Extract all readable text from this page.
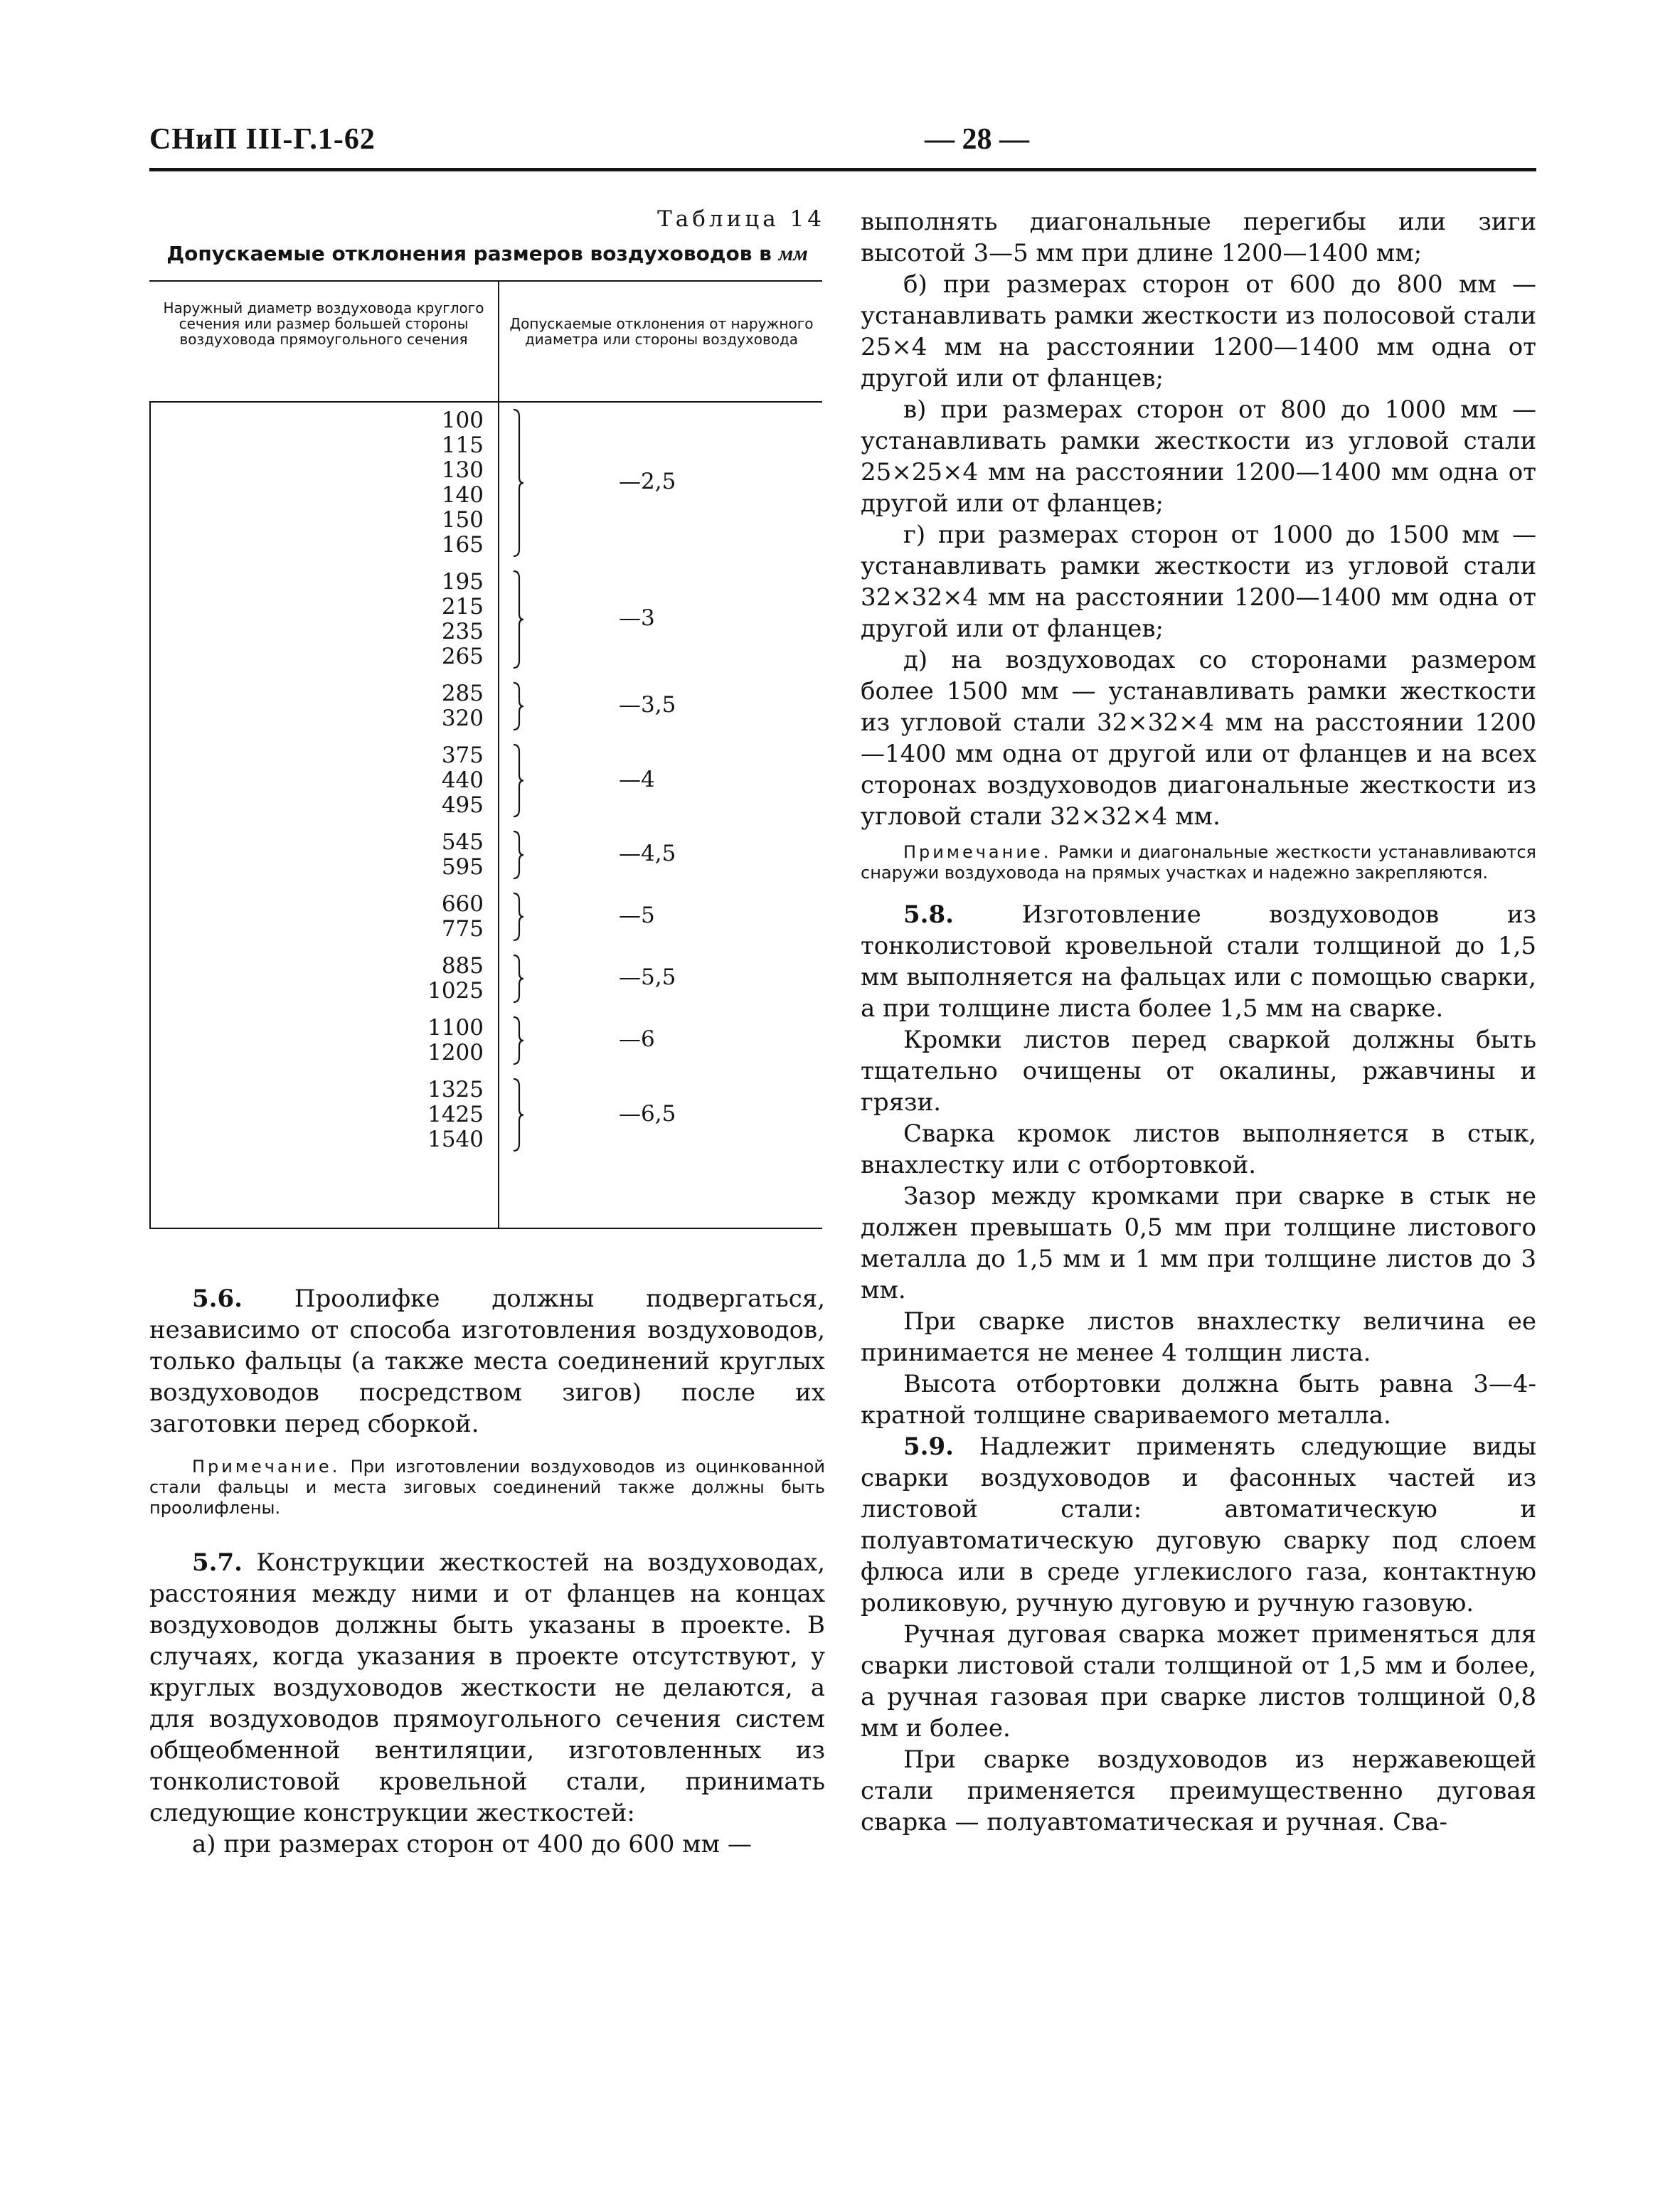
СНиП III-Г.1-62	— 28 —

Таблица 14

Допускаемые отклонения размеров воздуховодов в мм

Наружный диаметр воздуховода круглого сечения или размер большей стороны воздуховода прямоугольного сечения
Допускаемые отклонения от наружного диаметра или стороны воздуховода
100
115
130
140
150
165
—2,5
195
215
235
265
—3
285
320
—3,5
375
440
495
—4
545
595
—4,5
660
775
—5
885
1025
—5,5
1100
1200
—6
1325
1425
1540
—6,5

5.6. Проолифке должны подвергаться, независимо от способа изготовления воздуховодов, только фальцы (а также места соединений круглых воздуховодов посредством зигов) после их заготовки перед сборкой.

Примечание. При изготовлении воздуховодов из оцинкованной стали фальцы и места зиговых соединений также должны быть проолифлены.

5.7. Конструкции жесткостей на воздуховодах, расстояния между ними и от фланцев на концах воздуховодов должны быть указаны в проекте. В случаях, когда указания в проекте отсутствуют, у круглых воздуховодов жесткости не делаются, а для воздуховодов прямоугольного сечения систем общеобменной вентиляции, изготовленных из тонколистовой кровельной стали, принимать следующие конструкции жесткостей:

а) при размерах сторон от 400 до 600 мм —

выполнять диагональные перегибы или зиги высотой 3—5 мм при длине 1200—1400 мм;

б) при размерах сторон от 600 до 800 мм — устанавливать рамки жесткости из полосовой стали 25×4 мм на расстоянии 1200—1400 мм одна от другой или от фланцев;

в) при размерах сторон от 800 до 1000 мм — устанавливать рамки жесткости из угловой стали 25×25×4 мм на расстоянии 1200—1400 мм одна от другой или от фланцев;

г) при размерах сторон от 1000 до 1500 мм — устанавливать рамки жесткости из угловой стали 32×32×4 мм на расстоянии 1200—1400 мм одна от другой или от фланцев;

д) на воздуховодах со сторонами размером более 1500 мм — устанавливать рамки жесткости из угловой стали 32×32×4 мм на расстоянии 1200—1400 мм одна от другой или от фланцев и на всех сторонах воздуховодов диагональные жесткости из угловой стали 32×32×4 мм.

Примечание. Рамки и диагональные жесткости устанавливаются снаружи воздуховода на прямых участках и надежно закрепляются.

5.8.	Изготовление воздуховодов из тонколистовой кровельной стали толщиной до 1,5 мм выполняется на фальцах или с помощью сварки, а при толщине листа более 1,5 мм на сварке.

Кромки листов перед сваркой должны быть тщательно очищены от окалины, ржавчины и грязи.

Сварка кромок листов выполняется в стык, внахлестку или с отбортовкой.

Зазор между кромками при сварке в стык не должен превышать 0,5 мм при толщине листового металла до 1,5 мм и 1 мм при толщине листов до 3 мм.

При сварке листов внахлестку величина ее принимается не менее 4 толщин листа.

Высота отбортовки должна быть равна 3—4-кратной толщине свариваемого металла.

5.9. Надлежит применять следующие виды сварки воздуховодов и фасонных частей из листовой стали: автоматическую и полуавтоматическую дуговую сварку под слоем флюса или в среде углекислого газа, контактную роликовую, ручную дуговую и ручную газовую.

Ручная дуговая сварка может применяться для сварки листовой стали толщиной от 1,5 мм и более, а ручная газовая при сварке листов толщиной 0,8 мм и более.

При сварке воздуховодов из нержавеющей стали применяется преимущественно дуговая сварка — полуавтоматическая и ручная. Сва-
